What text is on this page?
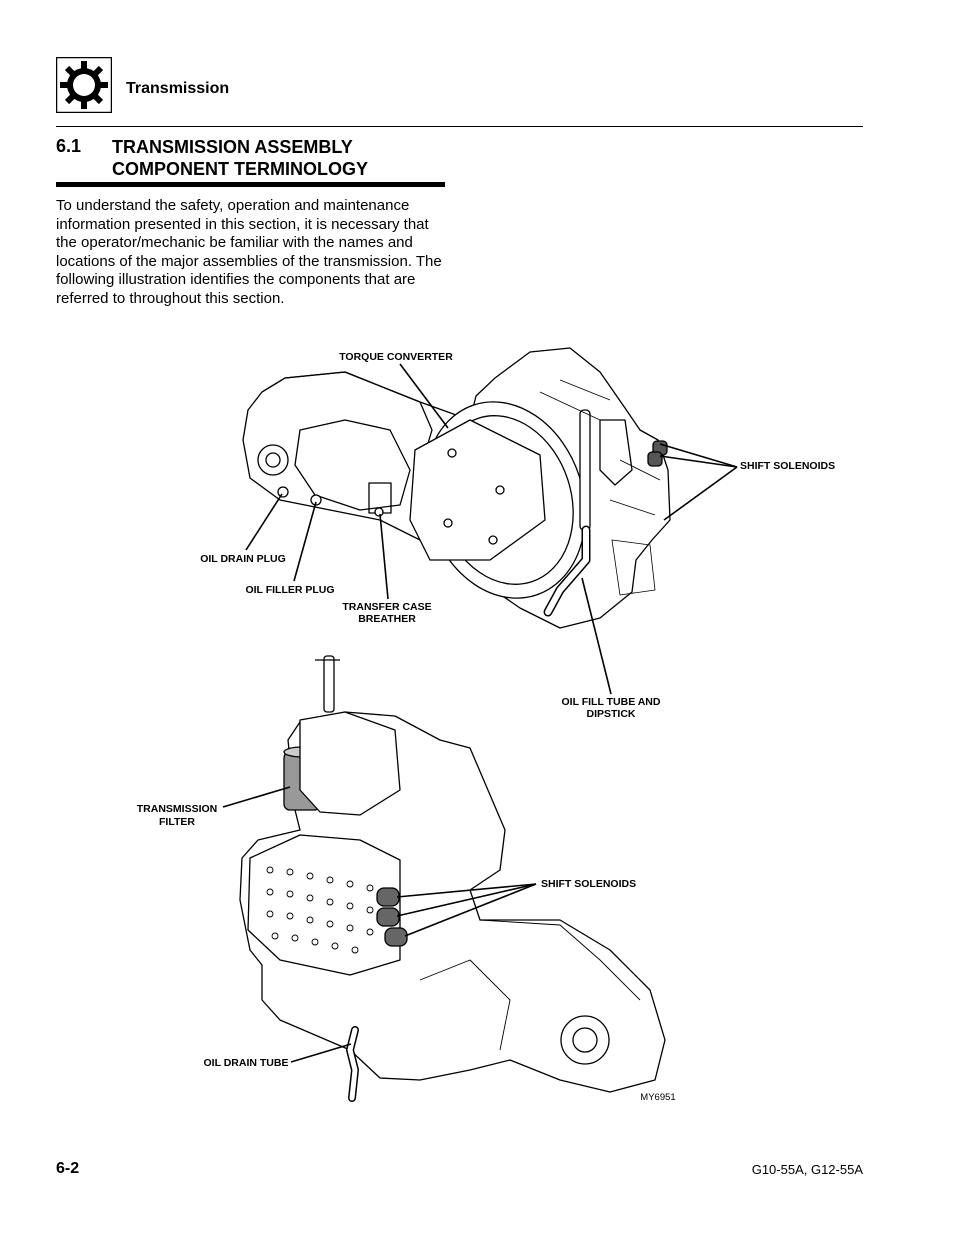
Transmission
6.1 TRANSMISSION ASSEMBLY
COMPONENT TERMINOLOGY
To understand the safety, operation and maintenance information presented in this section, it is necessary that the operator/mechanic be familiar with the names and locations of the major assemblies of the transmission. The following illustration identifies the components that are referred to throughout this section.
TORQUE CONVERTER
SHIFT SOLENOIDS
OIL DRAIN PLUG
OIL FILLER PLUG
TRANSFER CASE
BREATHER
OIL FILL TUBE AND
DIPSTICK
TRANSMISSION
FILTER
SHIFT SOLENOIDS
OIL DRAIN TUBE
MY6951
6-2	G10-55A, G12-55A
